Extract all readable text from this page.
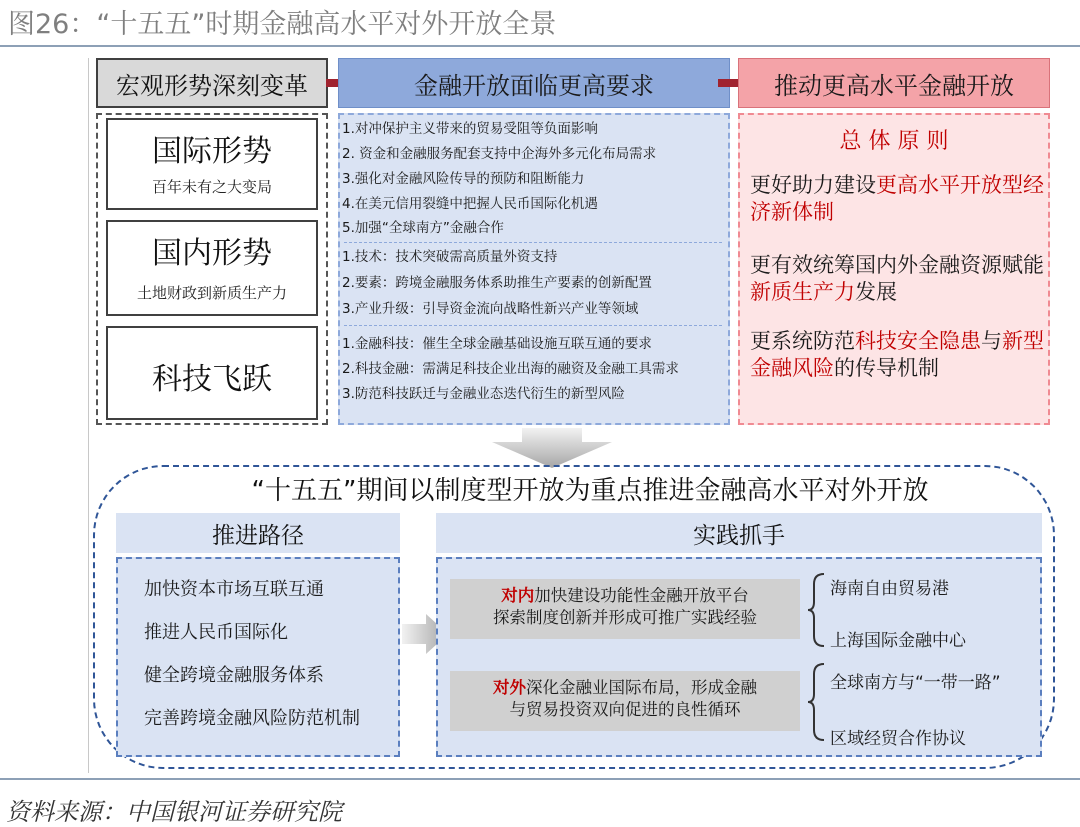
图26：“十五五”时期金融高水平对外开放全景
宏观形势深刻变革	金融开放面临更高要求	推动更高水平金融开放
国际形势
百年未有之大变局
国内形势
土地财政到新质生产力
科技飞跃
1.对冲保护主义带来的贸易受阻等负面影响
2. 资金和金融服务配套支持中企海外多元化布局需求
3.强化对金融风险传导的预防和阻断能力
4.在美元信用裂缝中把握人民币国际化机遇
5.加强“全球南方”金融合作
1.技术：技术突破需高质量外资支持
2.要素：跨境金融服务体系助推生产要素的创新配置
3.产业升级：引导资金流向战略性新兴产业等领域
1.金融科技：催生全球金融基础设施互联互通的要求
2.科技金融：需满足科技企业出海的融资及金融工具需求
3.防范科技跃迁与金融业态迭代衍生的新型风险
总 体 原 则
更好助力建设更高水平开放型经济新体制
更有效统筹国内外金融资源赋能新质生产力发展
更系统防范科技安全隐患与新型金融风险的传导机制
“十五五”期间以制度型开放为重点推进金融高水平对外开放
推进路径
加快资本市场互联互通
推进人民币国际化
健全跨境金融服务体系
完善跨境金融风险防范机制
实践抓手
对内加快建设功能性金融开放平台
探索制度创新并形成可推广实践经验
对外深化金融业国际布局，形成金融
与贸易投资双向促进的良性循环
海南自由贸易港
上海国际金融中心
全球南方与“一带一路”
区域经贸合作协议
资料来源：中国银河证券研究院
